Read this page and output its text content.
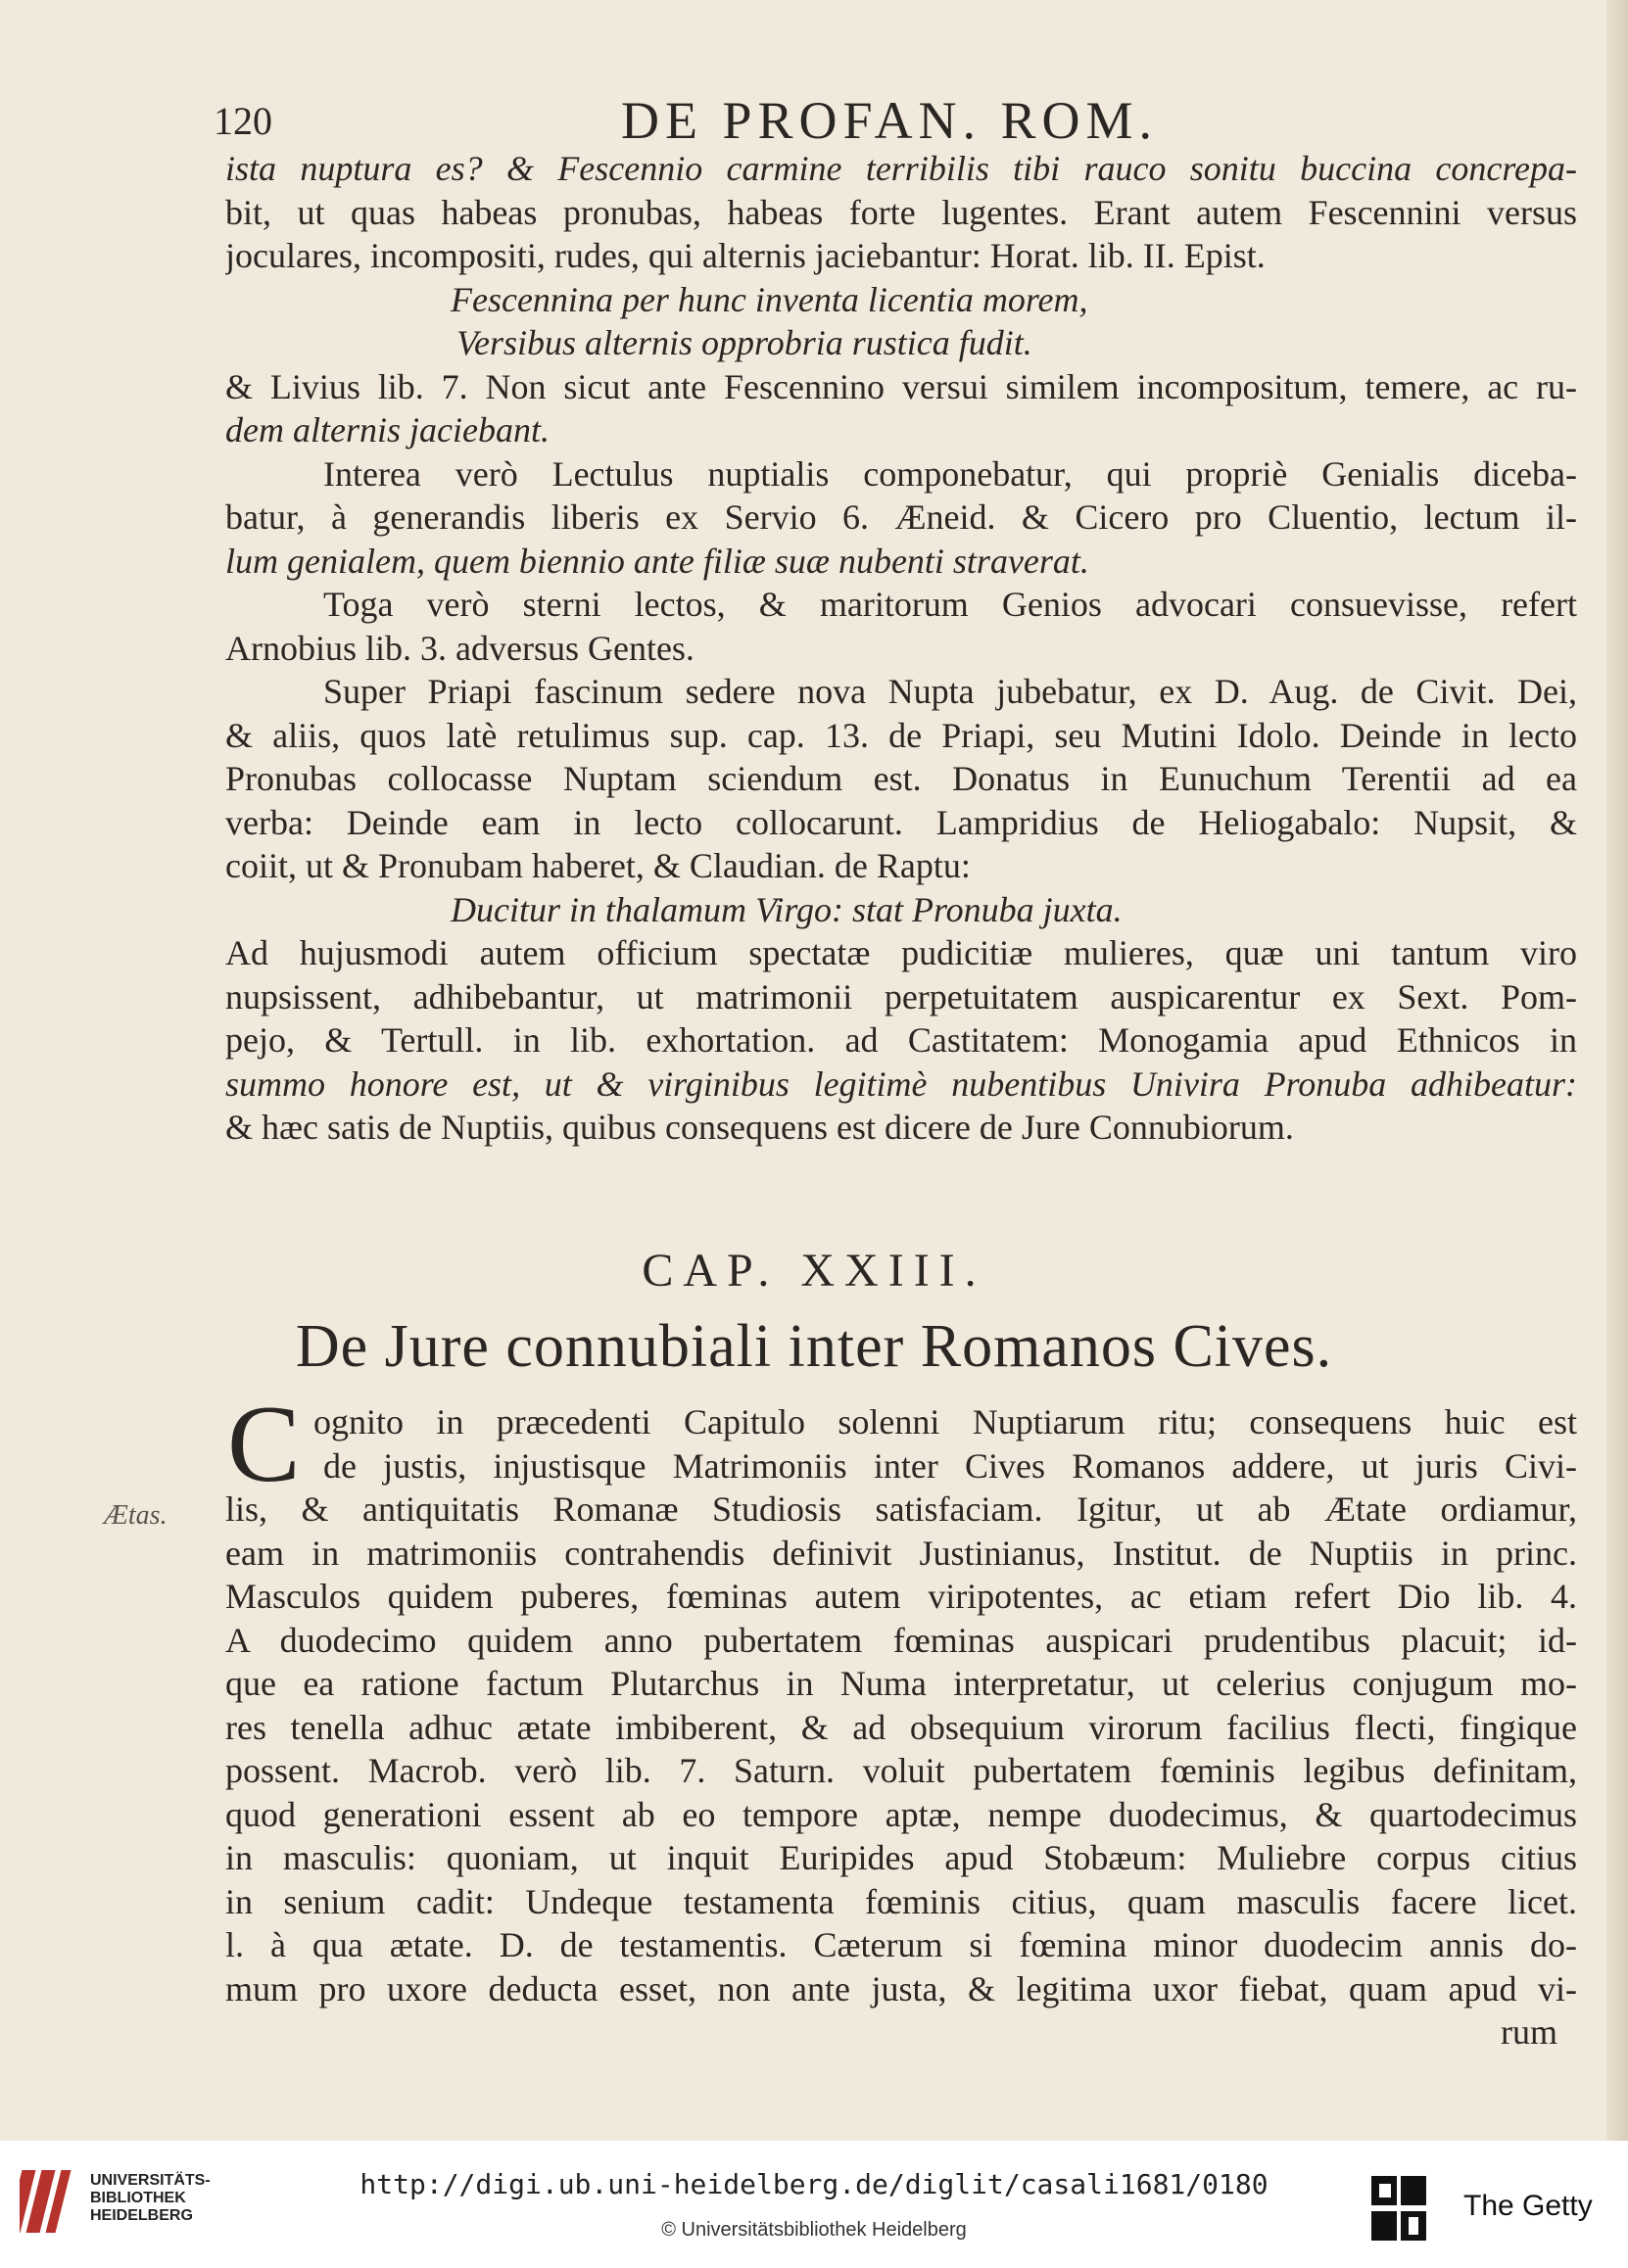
120	DE PROFAN. ROM.
ista nuptura es? & Fescennio carmine terribilis tibi rauco sonitu buccina concrepa-
bit, ut quas habeas pronubas, habeas forte lugentes. Erant autem Fescennini versus
joculares, incompositi, rudes, qui alternis jaciebantur: Horat. lib. II. Epist.
Fescennina per hunc inventa licentia morem,
Versibus alternis opprobria rustica fudit.
& Livius lib. 7. Non sicut ante Fescennino versui similem incompositum, temere, ac ru-
dem alternis jaciebant.
Interea verò Lectulus nuptialis componebatur, qui propriè Genialis diceba-
batur, à generandis liberis ex Servio 6. Æneid. & Cicero pro Cluentio, lectum il-
lum genialem, quem biennio ante filiæ suæ nubenti straverat.
Toga verò sterni lectos, & maritorum Genios advocari consuevisse, refert
Arnobius lib. 3. adversus Gentes.
Super Priapi fascinum sedere nova Nupta jubebatur, ex D. Aug. de Civit. Dei,
& aliis, quos latè retulimus sup. cap. 13. de Priapi, seu Mutini Idolo. Deinde in lecto
Pronubas collocasse Nuptam sciendum est. Donatus in Eunuchum Terentii ad ea
verba: Deinde eam in lecto collocarunt. Lampridius de Heliogabalo: Nupsit, &
coiit, ut & Pronubam haberet, & Claudian. de Raptu:
Ducitur in thalamum Virgo: stat Pronuba juxta.
Ad hujusmodi autem officium spectatæ pudicitiæ mulieres, quæ uni tantum viro
nupsissent, adhibebantur, ut matrimonii perpetuitatem auspicarentur ex Sext. Pom-
pejo, & Tertull. in lib. exhortation. ad Castitatem: Monogamia apud Ethnicos in
summo honore est, ut & virginibus legitimè nubentibus Univira Pronuba adhibeatur:
& hæc satis de Nuptiis, quibus consequens est dicere de Jure Connubiorum.
CAP. XXIII.
De Jure connubiali inter Romanos Cives.
C
Ætas.
ognito in præcedenti Capitulo solenni Nuptiarum ritu; consequens huic est
de justis, injustisque Matrimoniis inter Cives Romanos addere, ut juris Civi-
lis, & antiquitatis Romanæ Studiosis satisfaciam. Igitur, ut ab Ætate ordiamur,
eam in matrimoniis contrahendis definivit Justinianus, Institut. de Nuptiis in princ.
Masculos quidem puberes, fœminas autem viripotentes, ac etiam refert Dio lib. 4.
A duodecimo quidem anno pubertatem fœminas auspicari prudentibus placuit; id-
que ea ratione factum Plutarchus in Numa interpretatur, ut celerius conjugum mo-
res tenella adhuc ætate imbiberent, & ad obsequium virorum facilius flecti, fingique
possent. Macrob. verò lib. 7. Saturn. voluit pubertatem fœminis legibus definitam,
quod generationi essent ab eo tempore aptæ, nempe duodecimus, & quartodecimus
in masculis: quoniam, ut inquit Euripides apud Stobæum: Muliebre corpus citius
in senium cadit: Undeque testamenta fœminis citius, quam masculis facere licet.
l. à qua ætate. D. de testamentis. Cæterum si fœmina minor duodecim annis do-
mum pro uxore deducta esset, non ante justa, & legitima uxor fiebat, quam apud vi-
rum
UNIVERSITÄTS-
BIBLIOTHEK
HEIDELBERG
http://digi.ub.uni-heidelberg.de/diglit/casali1681/0180
© Universitätsbibliothek Heidelberg
The Getty
